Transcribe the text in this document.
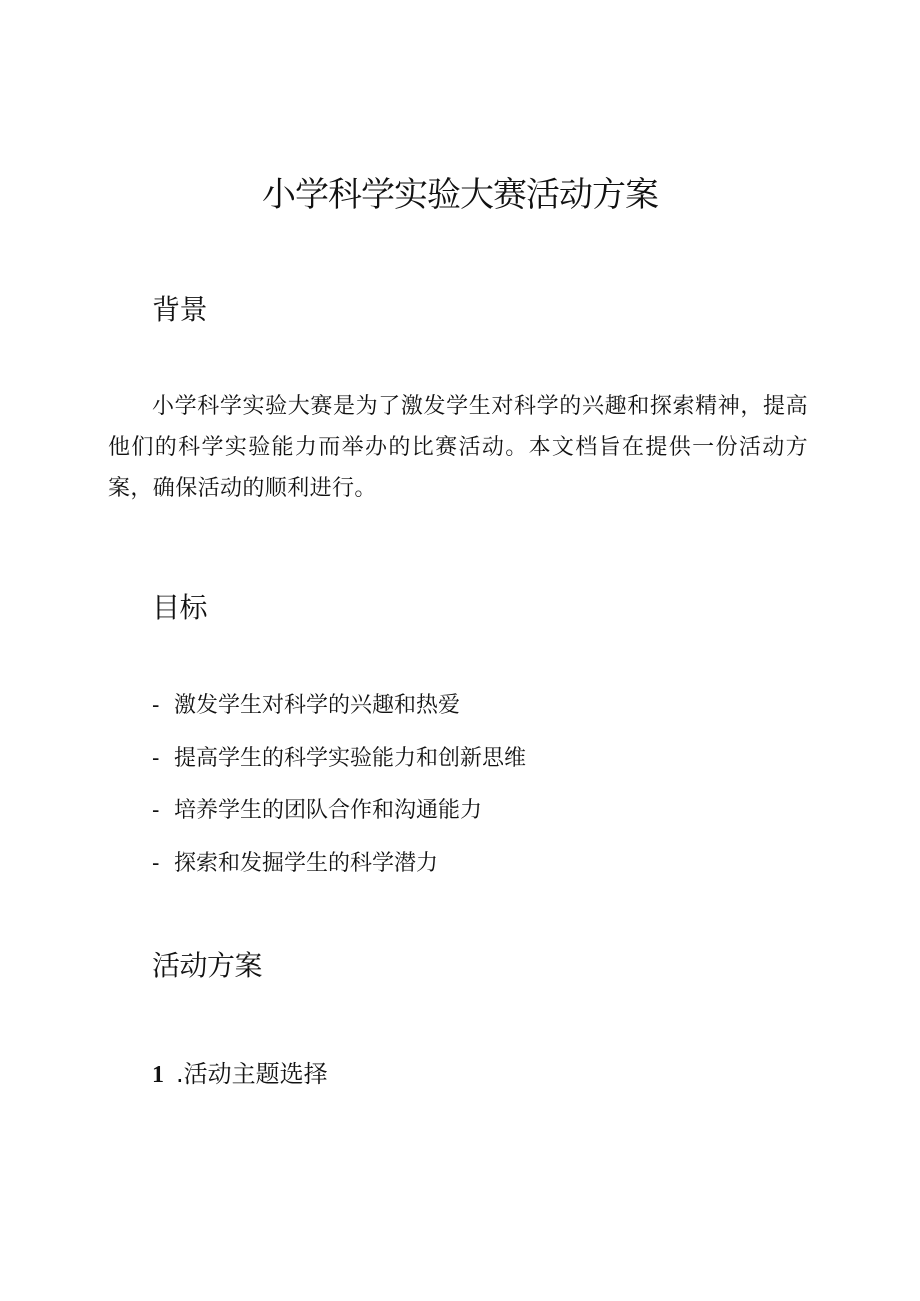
小学科学实验大赛活动方案
背景

小学科学实验大赛是为了激发学生对科学的兴趣和探索精神，提高他们的科学实验能力而举办的比赛活动。本文档旨在提供一份活动方案，确保活动的顺利进行。

目标
- 激发学生对科学的兴趣和热爱
- 提高学生的科学实验能力和创新思维
- 培养学生的团队合作和沟通能力
- 探索和发掘学生的科学潜力
活动方案
1 .活动主题选择
